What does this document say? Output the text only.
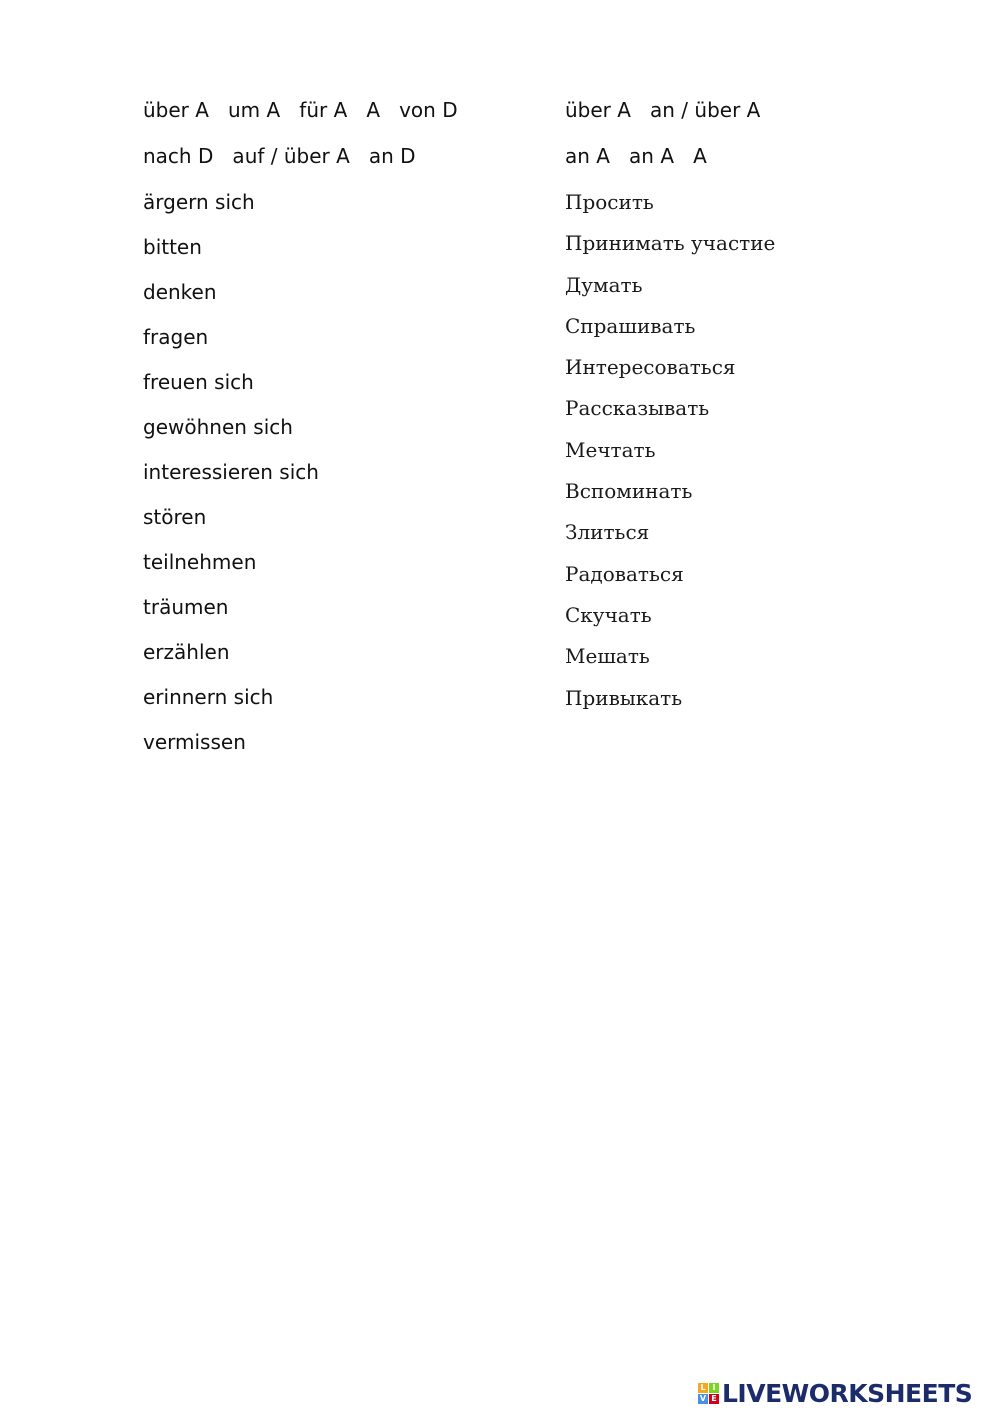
über A   um A   für A   A   von D
nach D   auf / über A   an D
ärgern sich
bitten
denken
fragen
freuen sich
gewöhnen sich
interessieren sich
stören
teilnehmen
träumen
erzählen
erinnern sich
vermissen
über A   an / über A
an A   an A   A
Просить
Принимать участие
Думать
Спрашивать
Интересоваться
Рассказывать
Мечтать
Вспоминать
Злиться
Радоваться
Скучать
Мешать
Привыкать
L I
V E LIVEWORKSHEETS
